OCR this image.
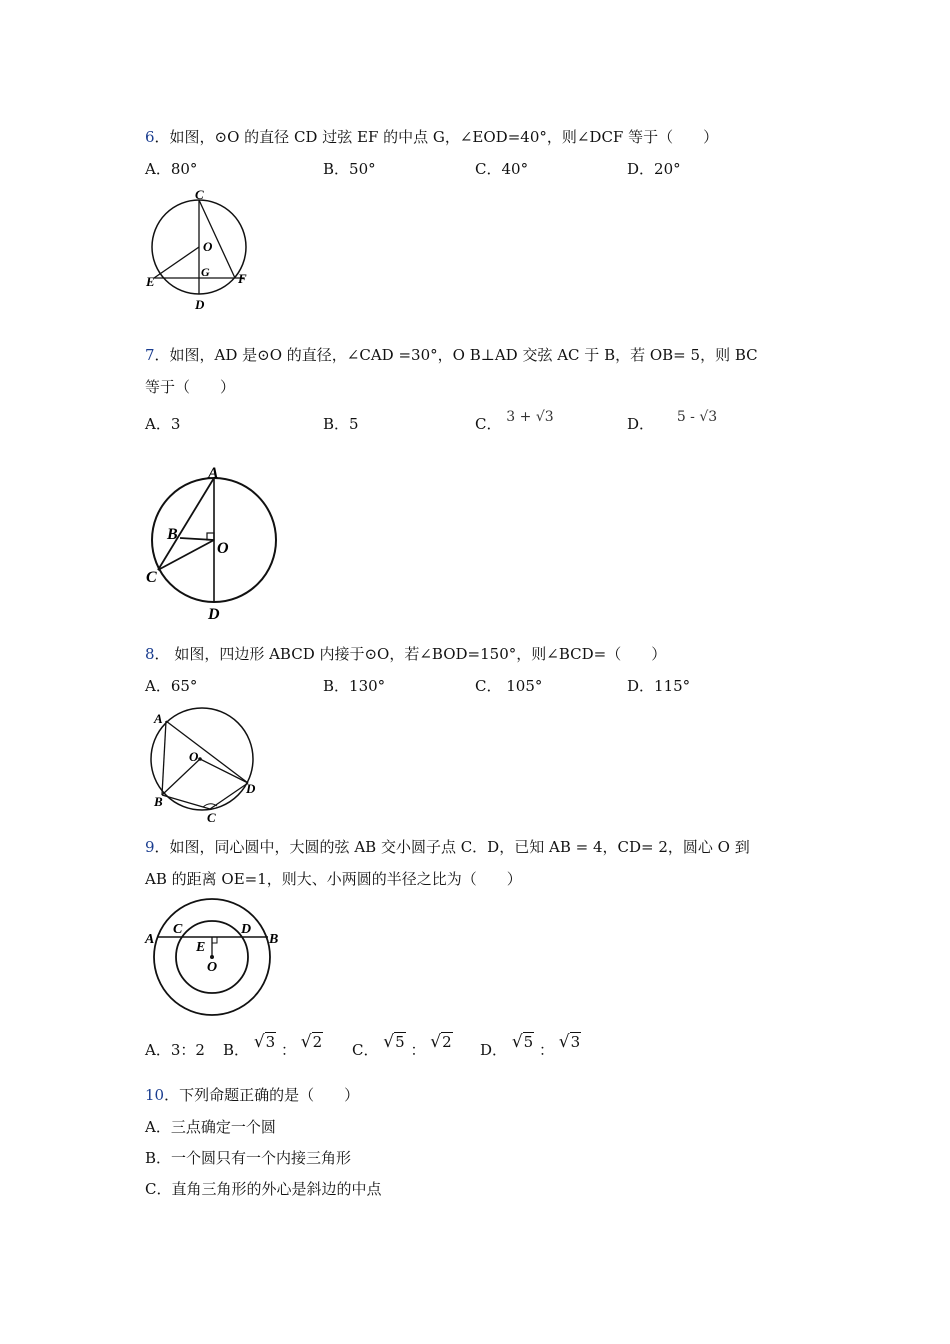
6．如图，⊙O 的直径 CD 过弦 EF 的中点 G，∠EOD=40°，则∠DCF 等于（　　）
A．80°	B．50°	C．40°	D．20°
C
O
G
E	F
D
7．如图，AD 是⊙O 的直径，∠CAD =30°，O B⊥AD 交弦 AC 于 B，若 OB= 5，则 BC
等于（　　）
A．3	B．5	C． 3 + √3	D． 5 - √3
A
B
O
C
D
8． 如图，四边形 ABCD 内接于⊙O，若∠BOD=150°，则∠BCD=（　　）
A．65°	B．130°	C． 105°	D．115°
A
O
D
B
C
9．如图，同心圆中，大圆的弦 AB 交小圆子点 C．D，已知 AB = 4，CD= 2，圆心 O 到
AB 的距离 OE=1，则大、小两圆的半径之比为（　　）
A
C	D
B
E
O
A．3：2 B． √3 ： √2 C． √5 ： √2 D． √5 ： √3
10．下列命题正确的是（　　）
A．三点确定一个圆
B．一个圆只有一个内接三角形
C．直角三角形的外心是斜边的中点
